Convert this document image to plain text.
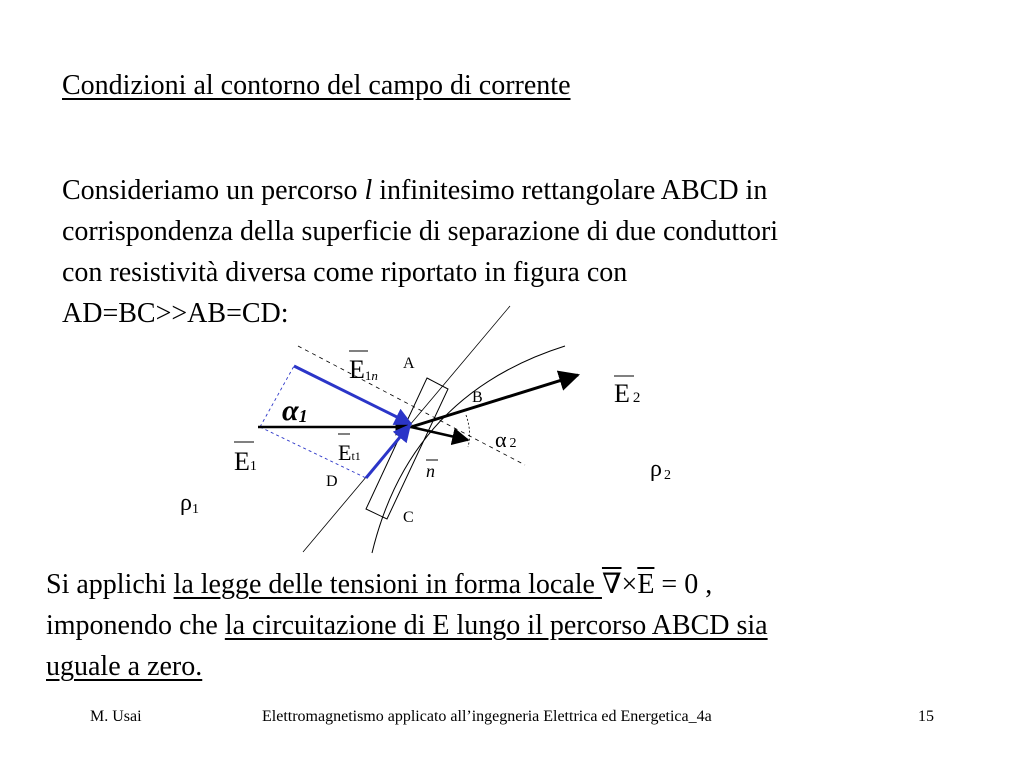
Condizioni al contorno del campo di corrente
Consideriamo un percorso l infinitesimo rettangolare ABCD in
corrispondenza della superficie di separazione di due conduttori
con resistività diversa come riportato in figura con
AD=BC>>AB=CD:
A
B
C
D
E1n
E 2
E1
Et1
α1
α 2
n
ρ1
ρ 2
Si applichi la legge delle tensioni in forma locale ∇×E = 0 ,
imponendo che la circuitazione di E lungo il percorso ABCD sia
uguale a zero.
M. Usai	Elettromagnetismo applicato all’ingegneria Elettrica ed Energetica_4a	15
